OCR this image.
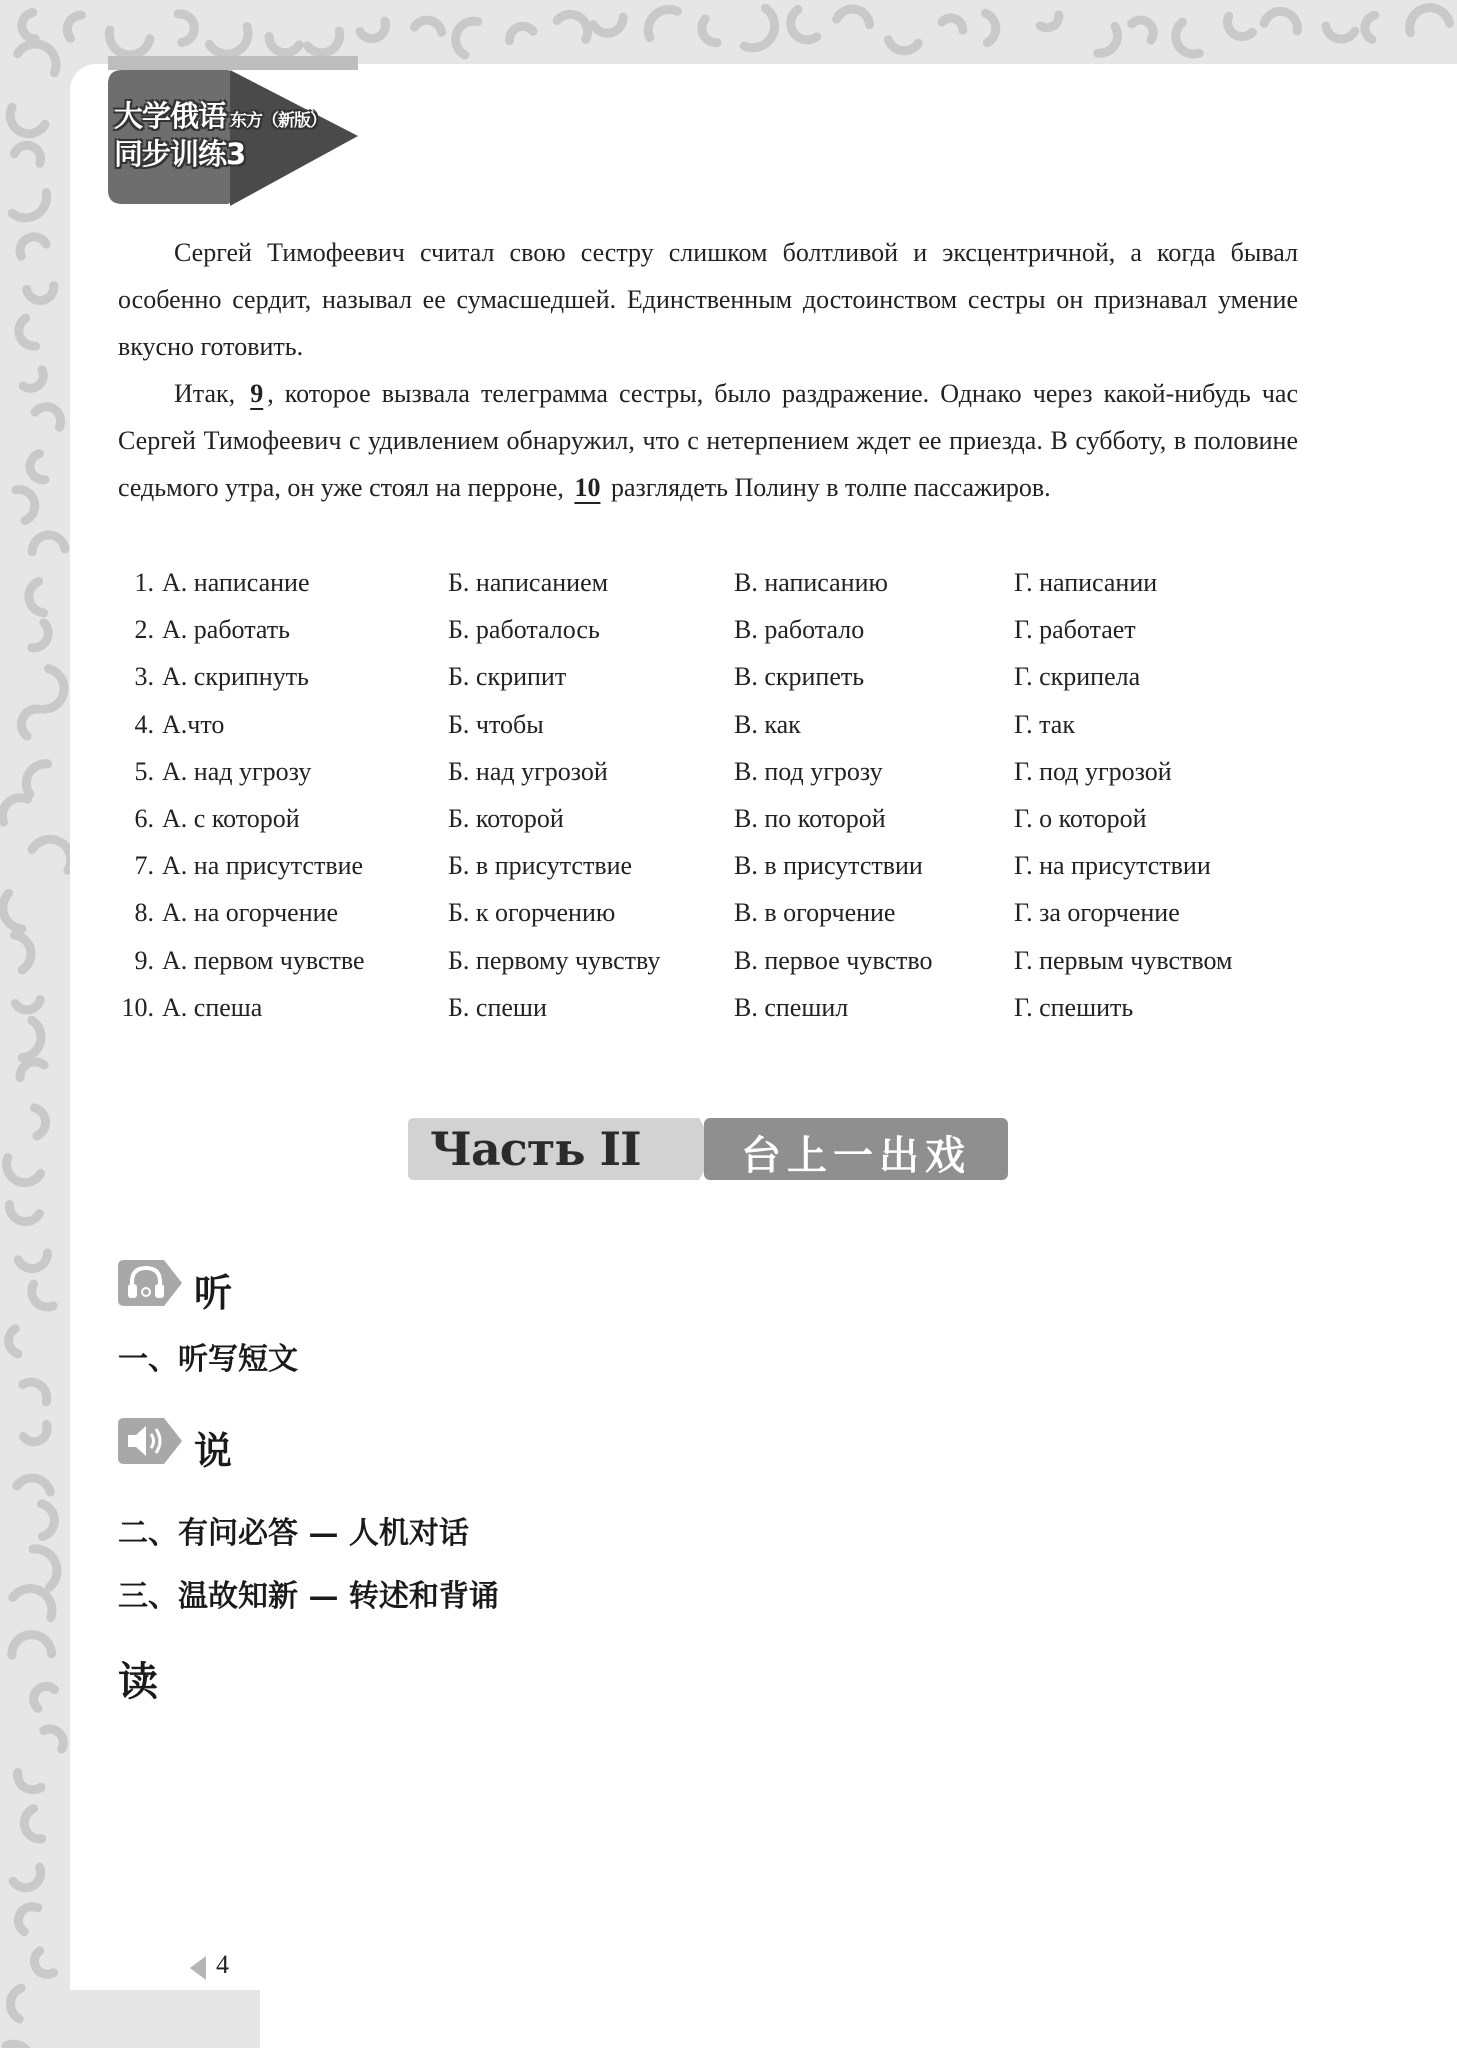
大学俄语 东方（新版）
同步训练3

Сергей Тимофеевич считал свою сестру слишком болтливой и эксцентричной, а когда бывал особенно сердит, называл ее сумасшедшей. Единственным достоинством сестры он признавал умение вкусно готовить.

Итак, 9 , которое вызвала телеграмма сестры, было раздражение. Однако через какой-нибудь час Сергей Тимофеевич с удивлением обнаружил, что с нетерпением ждет ее приезда. В субботу, в половине седьмого утра, он уже стоял на перроне, 10 разглядеть Полину в толпе пассажиров.

1. А. написание	Б. написанием	В. написанию	Г. написании
2. А. работать	Б. работалось	В. работало	Г. работает
3. А. скрипнуть	Б. скрипит	В. скрипеть	Г. скрипела
4. А.что	Б. чтобы	В. как	Г. так
5. А. над угрозу	Б. над угрозой	В. под угрозу	Г. под угрозой
6. А. с которой	Б. которой	В. по которой	Г. о которой
7. А. на присутствие	Б. в присутствие	В. в присутствии	Г. на присутствии
8. А. на огорчение	Б. к огорчению	В. в огорчение	Г. за огорчение
9. А. первом чувстве	Б. первому чувству	В. первое чувство	Г. первым чувством
10. А. спеша	Б. спеши	В. спешил	Г. спешить
Часть II	台上一出戏
听
一、听写短文
说
二、有问必答 — 人机对话
三、温故知新 — 转述和背诵
读
4
